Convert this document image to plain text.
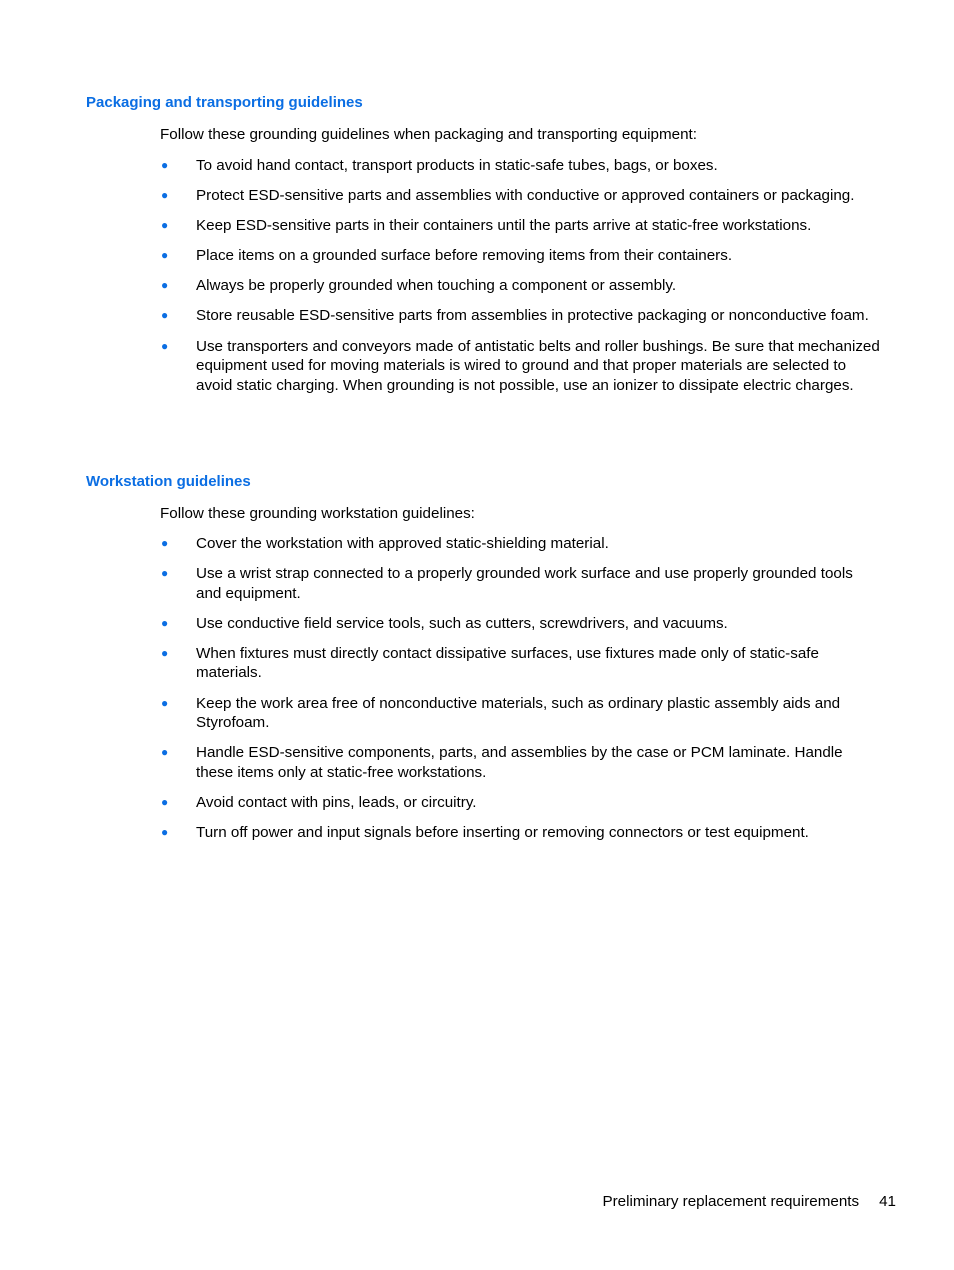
Packaging and transporting guidelines

Follow these grounding guidelines when packaging and transporting equipment:

● To avoid hand contact, transport products in static-safe tubes, bags, or boxes.
● Protect ESD-sensitive parts and assemblies with conductive or approved containers or packaging.
● Keep ESD-sensitive parts in their containers until the parts arrive at static-free workstations.
● Place items on a grounded surface before removing items from their containers.
● Always be properly grounded when touching a component or assembly.
● Store reusable ESD-sensitive parts from assemblies in protective packaging or nonconductive foam.
● Use transporters and conveyors made of antistatic belts and roller bushings. Be sure that mechanized equipment used for moving materials is wired to ground and that proper materials are selected to avoid static charging. When grounding is not possible, use an ionizer to dissipate electric charges.
Workstation guidelines

Follow these grounding workstation guidelines:

● Cover the workstation with approved static-shielding material.
● Use a wrist strap connected to a properly grounded work surface and use properly grounded tools and equipment.
● Use conductive field service tools, such as cutters, screwdrivers, and vacuums.
● When fixtures must directly contact dissipative surfaces, use fixtures made only of static-safe materials.
● Keep the work area free of nonconductive materials, such as ordinary plastic assembly aids and Styrofoam.
● Handle ESD-sensitive components, parts, and assemblies by the case or PCM laminate. Handle these items only at static-free workstations.
● Avoid contact with pins, leads, or circuitry.
● Turn off power and input signals before inserting or removing connectors or test equipment.
Preliminary replacement requirements 41
